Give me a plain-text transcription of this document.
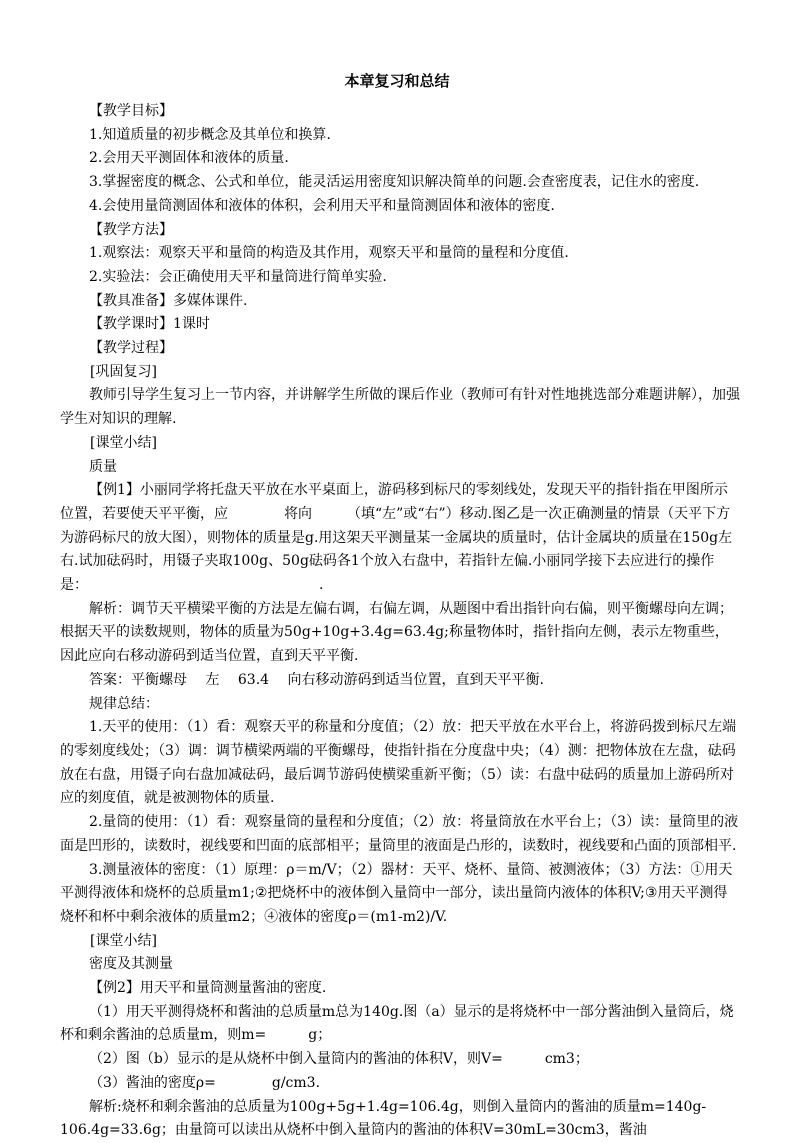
本章复习和总结

【教学目标】

1.知道质量的初步概念及其单位和换算.

2.会用天平测固体和液体的质量.

3.掌握密度的概念、公式和单位，能灵活运用密度知识解决简单的问题.会查密度表，记住水的密度.

4.会使用量筒测固体和液体的体积，会利用天平和量筒测固体和液体的密度.

【教学方法】

1.观察法：观察天平和量筒的构造及其作用，观察天平和量筒的量程和分度值.

2.实验法：会正确使用天平和量筒进行简单实验.

【教具准备】多媒体课件.

【教学课时】1课时

【教学过程】

[巩固复习]

教师引导学生复习上一节内容，并讲解学生所做的课后作业（教师可有针对性地挑选部分难题讲解），加强学生对知识的理解.

[课堂小结]

质量

【例1】小丽同学将托盘天平放在水平桌面上，游码移到标尺的零刻线处，发现天平的指针指在甲图所示位置，若要使天平平衡，应　　　　将向　　　（填“左”或“右”）移动.图乙是一次正确测量的情景（天平下方为游码标尺的放大图），则物体的质量是g.用这架天平测量某一金属块的质量时，估计金属块的质量在150g左右.试加砝码时，用镊子夹取100g、50g砝码各1个放入右盘中，若指针左偏.小丽同学接下去应进行的操作是：　　　　　　　　　　　　　　　　　.

解析：调节天平横梁平衡的方法是左偏右调，右偏左调，从题图中看出指针向右偏，则平衡螺母向左调；根据天平的读数规则，物体的质量为50g+10g+3.4g=63.4g;称量物体时，指针指向左侧，表示左物重些，因此应向右移动游码到适当位置，直到天平平衡.

答案：平衡螺母　 左 　63.4　 向右移动游码到适当位置，直到天平平衡.

规律总结：

1.天平的使用：（1）看：观察天平的称量和分度值；（2）放：把天平放在水平台上，将游码拨到标尺左端的零刻度线处；（3）调：调节横梁两端的平衡螺母，使指针指在分度盘中央；（4）测：把物体放在左盘，砝码放在右盘，用镊子向右盘加减砝码，最后调节游码使横梁重新平衡；（5）读：右盘中砝码的质量加上游码所对应的刻度值，就是被测物体的质量.

2.量筒的使用：（1）看：观察量筒的量程和分度值；（2）放：将量筒放在水平台上；（3）读：量筒里的液面是凹形的，读数时，视线要和凹面的底部相平；量筒里的液面是凸形的，读数时，视线要和凸面的顶部相平.

3.测量液体的密度：（1）原理：ρ＝m/V；（2）器材：天平、烧杯、量筒、被测液体；（3）方法：①用天平测得液体和烧杯的总质量m1;②把烧杯中的液体倒入量筒中一部分，读出量筒内液体的体积V;③用天平测得烧杯和杯中剩余液体的质量m2；④液体的密度ρ＝(m1-m2)/V.

[课堂小结]

密度及其测量

【例2】用天平和量筒测量酱油的密度.

（1）用天平测得烧杯和酱油的总质量m总为140g.图（a）显示的是将烧杯中一部分酱油倒入量筒后，烧杯和剩余酱油的总质量m，则m=　　　g；

（2）图（b）显示的是从烧杯中倒入量筒内的酱油的体积V，则V=　　　cm3；

（3）酱油的密度ρ=　　　　g/cm3.

解析:烧杯和剩余酱油的总质量为100g+5g+1.4g=106.4g，则倒入量筒内的酱油的质量m=140g-106.4g=33.6g；由量筒可以读出从烧杯中倒入量筒内的酱油的体积V=30mL=30cm3，酱油
